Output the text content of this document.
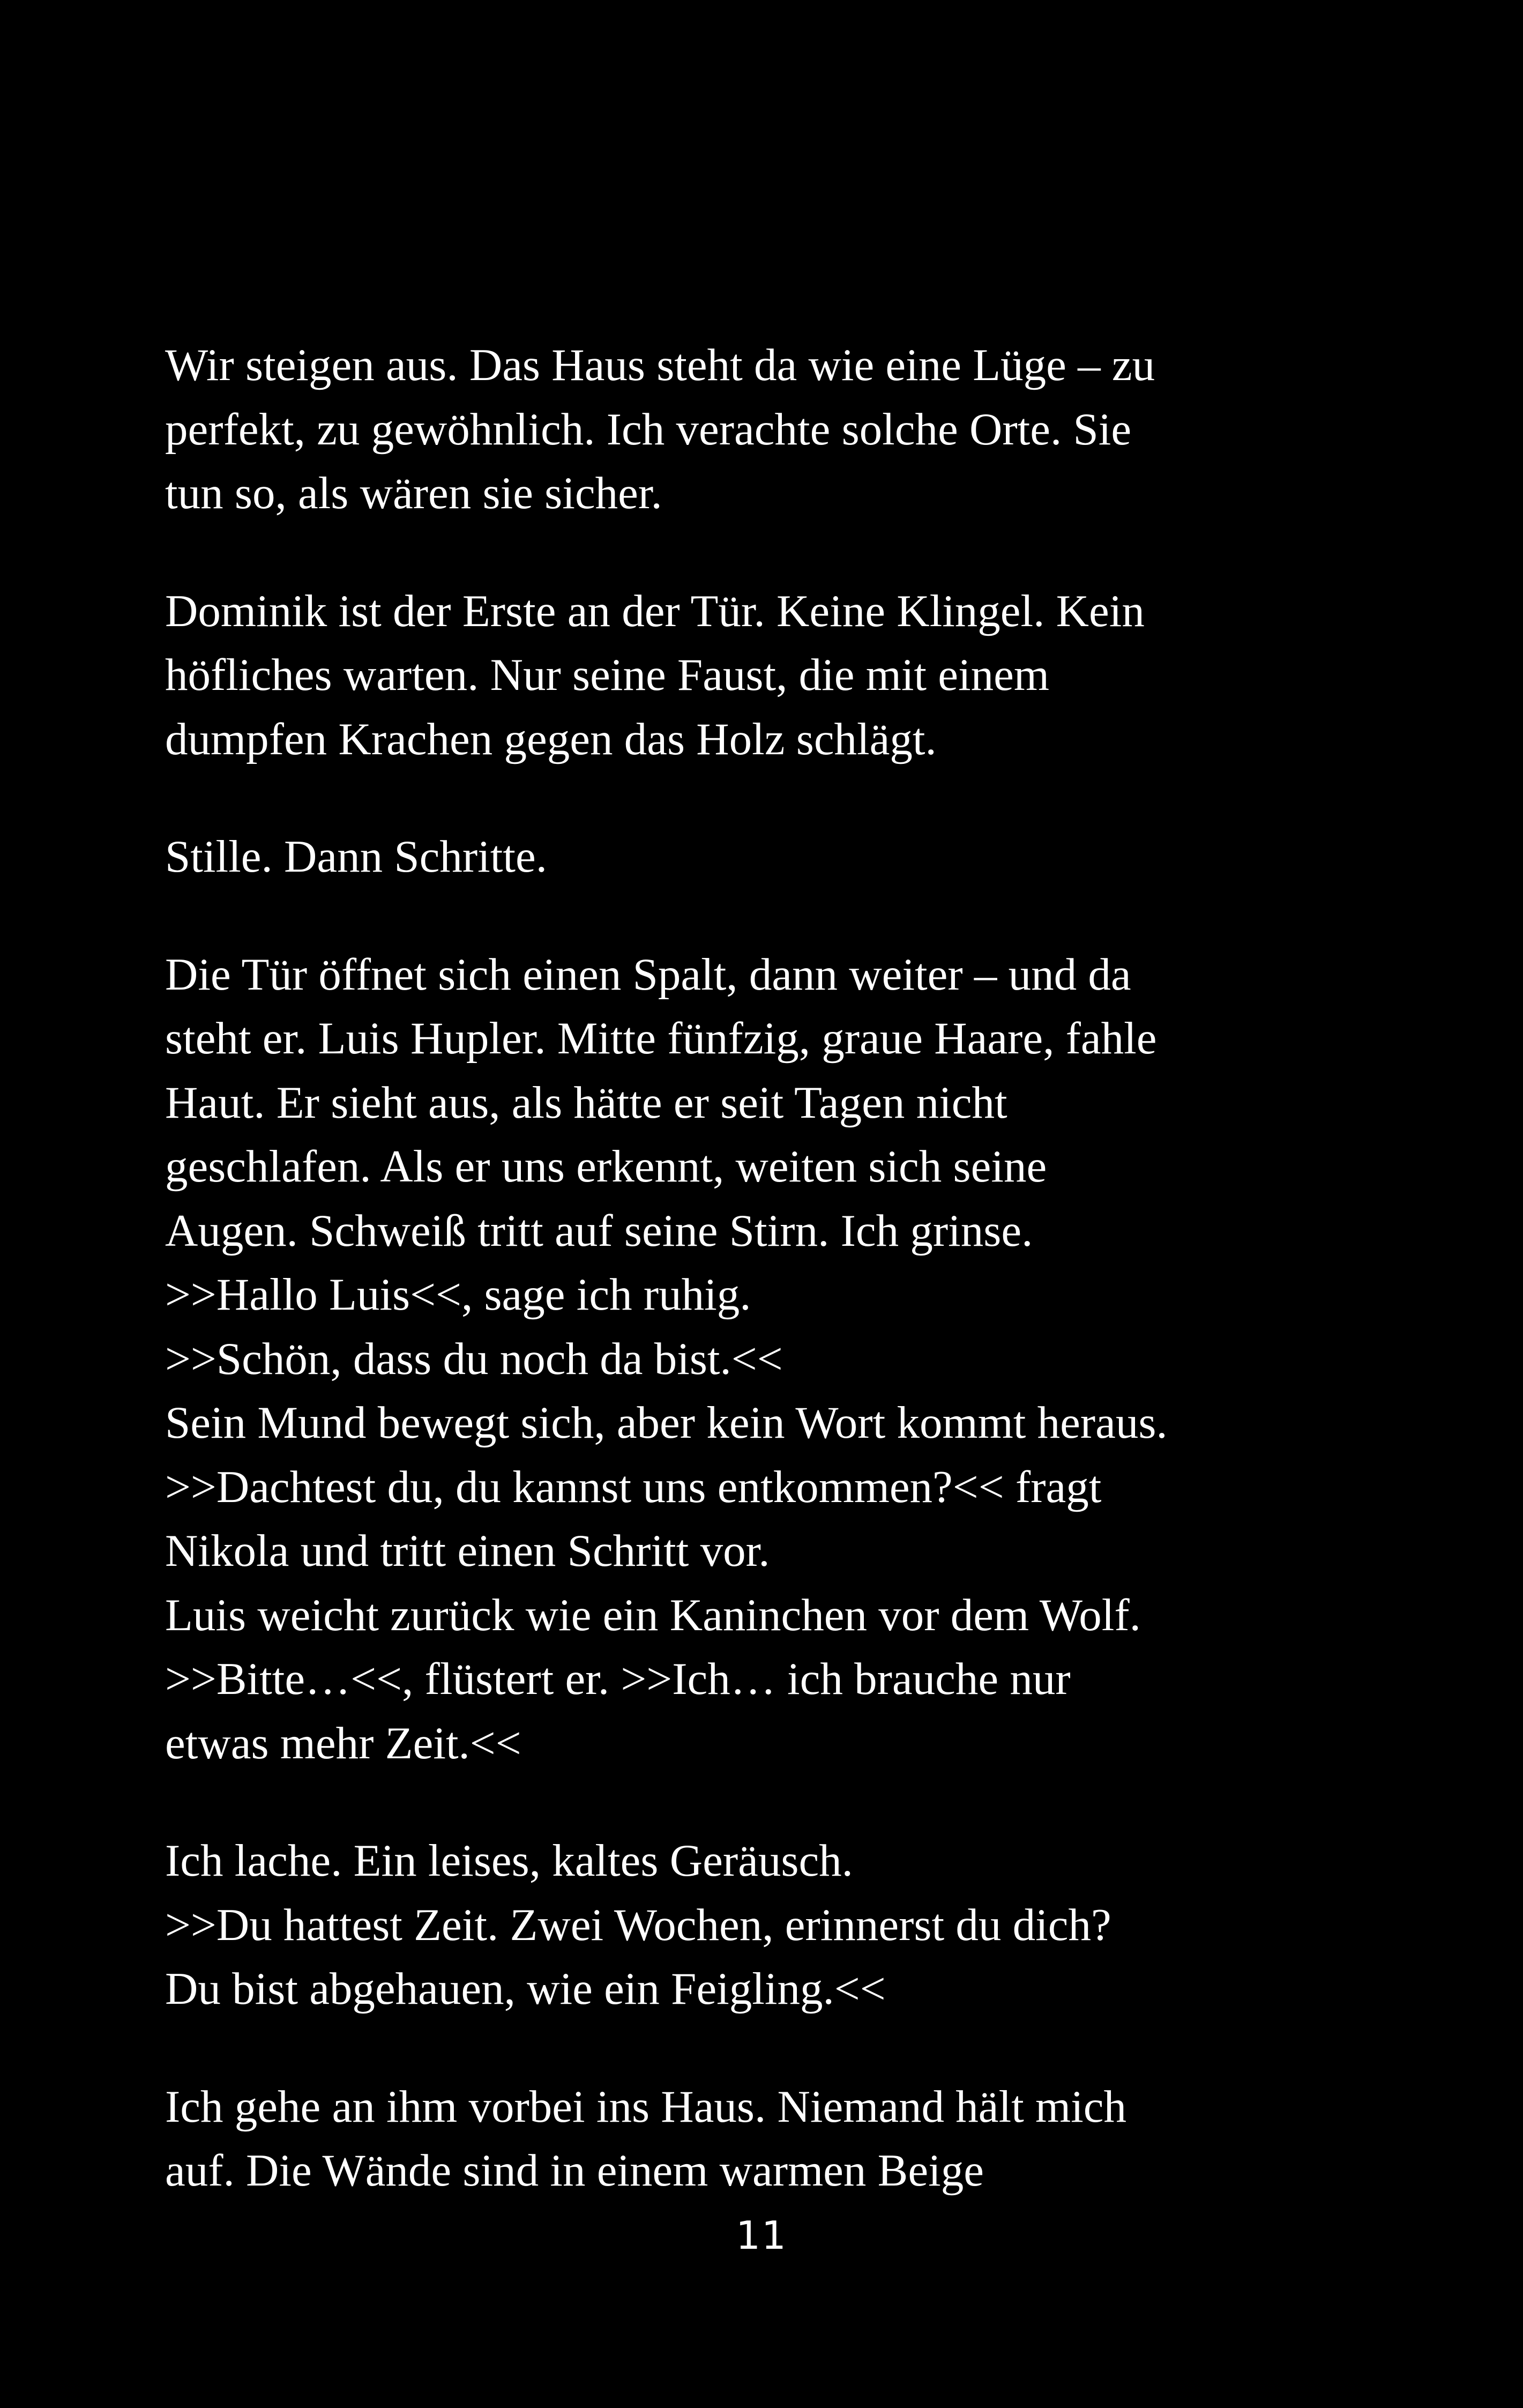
Wir steigen aus. Das Haus steht da wie eine Lüge – zu
perfekt, zu gewöhnlich. Ich verachte solche Orte. Sie
tun so, als wären sie sicher.
Dominik ist der Erste an der Tür. Keine Klingel. Kein
höfliches warten. Nur seine Faust, die mit einem
dumpfen Krachen gegen das Holz schlägt.
Stille. Dann Schritte.
Die Tür öffnet sich einen Spalt, dann weiter – und da
steht er. Luis Hupler. Mitte fünfzig, graue Haare, fahle
Haut. Er sieht aus, als hätte er seit Tagen nicht
geschlafen. Als er uns erkennt, weiten sich seine
Augen. Schweiß tritt auf seine Stirn. Ich grinse.
>>Hallo Luis<<, sage ich ruhig.
>>Schön, dass du noch da bist.<<
Sein Mund bewegt sich, aber kein Wort kommt heraus.
>>Dachtest du, du kannst uns entkommen?<< fragt
Nikola und tritt einen Schritt vor.
Luis weicht zurück wie ein Kaninchen vor dem Wolf.
>>Bitte…<<, flüstert er. >>Ich… ich brauche nur
etwas mehr Zeit.<<
Ich lache. Ein leises, kaltes Geräusch.
>>Du hattest Zeit. Zwei Wochen, erinnerst du dich?
Du bist abgehauen, wie ein Feigling.<<
Ich gehe an ihm vorbei ins Haus. Niemand hält mich
auf. Die Wände sind in einem warmen Beige
11
